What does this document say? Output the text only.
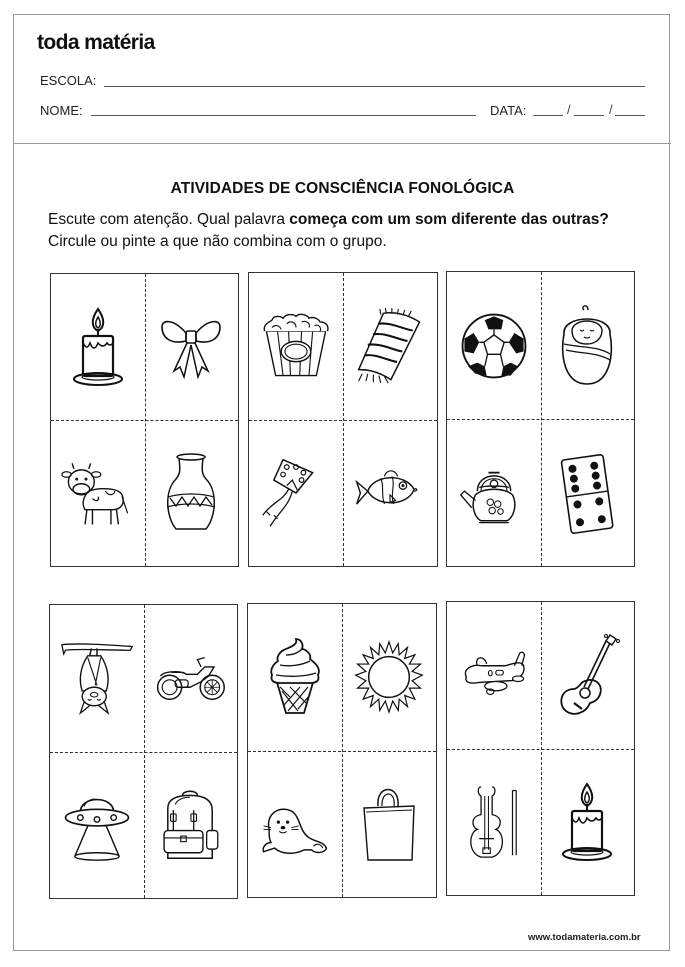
toda matéria
ESCOLA:
NOME:	DATA:	/	/
ATIVIDADES DE CONSCIÊNCIA FONOLÓGICA
Escute com atenção. Qual palavra começa com um som diferente das outras?
Circule ou pinte a que não combina com o grupo.
www.todamateria.com.br
